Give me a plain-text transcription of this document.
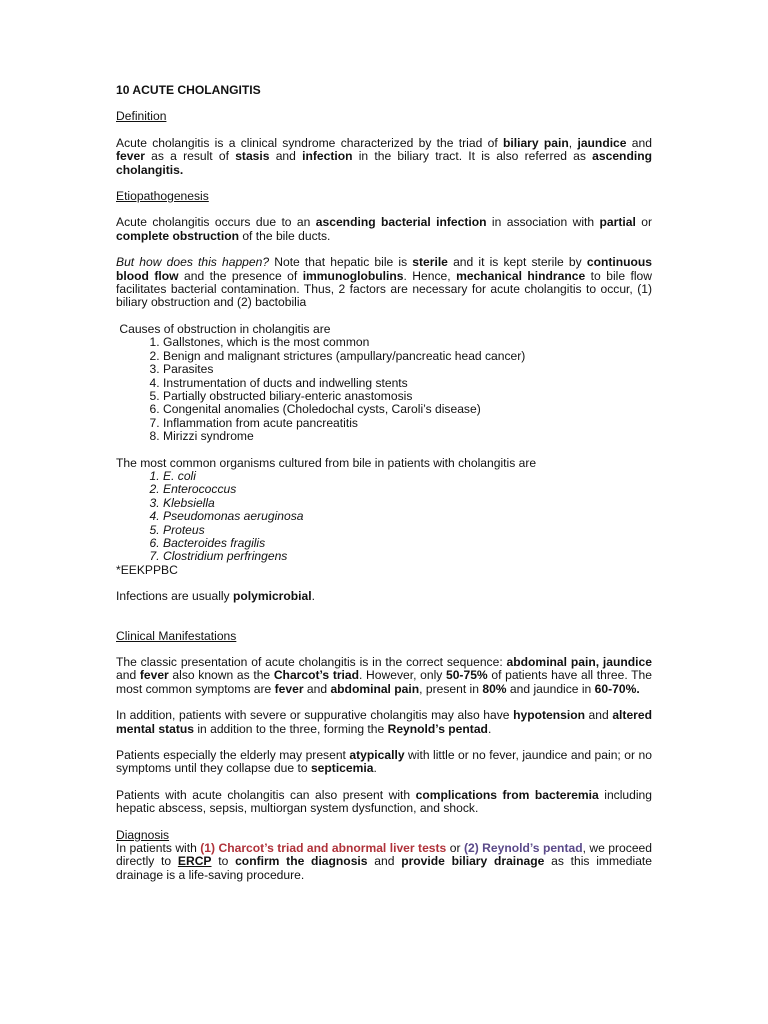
10 ACUTE CHOLANGITIS

Definition

Acute cholangitis is a clinical syndrome characterized by the triad of biliary pain, jaundice and fever as a result of stasis and infection in the biliary tract. It is also referred as ascending cholangitis.

Etiopathogenesis

Acute cholangitis occurs due to an ascending bacterial infection in association with partial or complete obstruction of the bile ducts.

But how does this happen? Note that hepatic bile is sterile and it is kept sterile by continuous blood flow and the presence of immunoglobulins. Hence, mechanical hindrance to bile flow facilitates bacterial contamination. Thus, 2 factors are necessary for acute cholangitis to occur, (1) biliary obstruction and (2) bactobilia

Causes of obstruction in cholangitis are

1. Gallstones, which is the most common
2. Benign and malignant strictures (ampullary/pancreatic head cancer)
3. Parasites
4. Instrumentation of ducts and indwelling stents
5. Partially obstructed biliary-enteric anastomosis
6. Congenital anomalies (Choledochal cysts, Caroli’s disease)
7. Inflammation from acute pancreatitis
8. Mirizzi syndrome

The most common organisms cultured from bile in patients with cholangitis are

1. E. coli
2. Enterococcus
3. Klebsiella
4. Pseudomonas aeruginosa
5. Proteus
6. Bacteroides fragilis
7. Clostridium perfringens

*EEKPPBC

Infections are usually polymicrobial.

Clinical Manifestations

The classic presentation of acute cholangitis is in the correct sequence: abdominal pain, jaundice and fever also known as the Charcot’s triad. However, only 50-75% of patients have all three. The most common symptoms are fever and abdominal pain, present in 80% and jaundice in 60-70%.

In addition, patients with severe or suppurative cholangitis may also have hypotension and altered mental status in addition to the three, forming the Reynold’s pentad.

Patients especially the elderly may present atypically with little or no fever, jaundice and pain; or no symptoms until they collapse due to septicemia.

Patients with acute cholangitis can also present with complications from bacteremia including hepatic abscess, sepsis, multiorgan system dysfunction, and shock.

Diagnosis

In patients with (1) Charcot’s triad and abnormal liver tests or (2) Reynold’s pentad, we proceed directly to ERCP to confirm the diagnosis and provide biliary drainage as this immediate drainage is a life-saving procedure.
